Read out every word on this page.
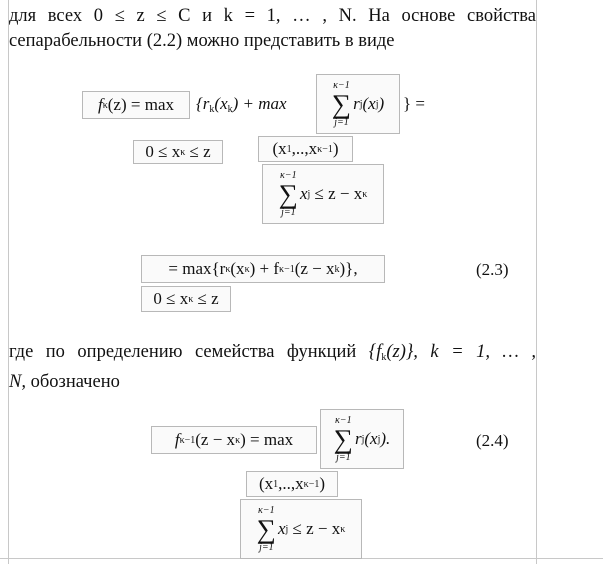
для всех 0 ≤ z ≤ C и k = 1, … , N. На основе свойства
сепарабельности (2.2) можно представить в виде
f κ $(z) = \max \{r_k(x_k) + \max$
κ−1
∑
j=1
r j (x j ) } =
0 ≤ x κ
≤ z	(x 1 ,..,x κ−1 )
κ−1
∑
j=1
x j
≤ z − x κ
= max{r κ (x κ ) + f κ−1 (z − x k )},
0 ≤ x κ
≤ z
(2.3)
где по определению семейства функций $\{f_k(z)\}$, k = 1, … ,
N, обозначено
f κ−1 (z − x κ ) = max
κ−1
∑
j=1
r j (x j ).	(2.4)
(x 1 ,..,x κ−1 )
κ−1
∑
j=1
x j
≤ z − x κ
